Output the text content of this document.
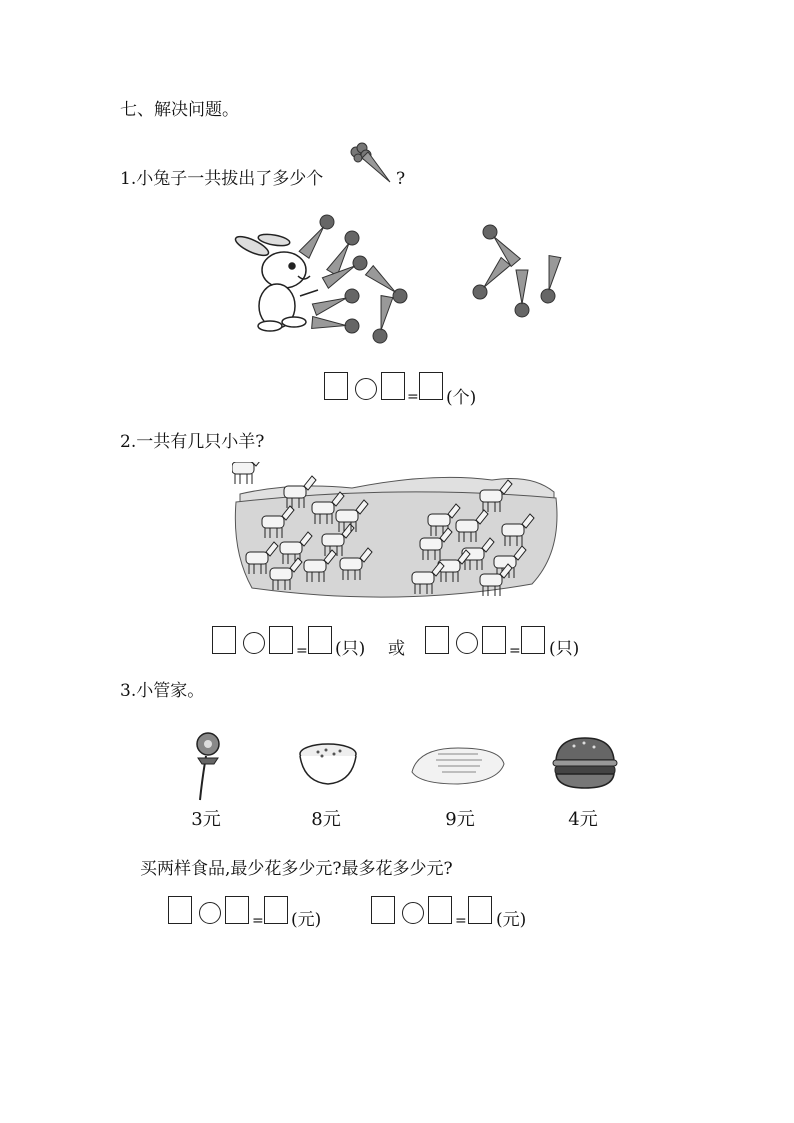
七、解决问题。
1.小兔子一共拔出了多少个	?
= (个)
2.一共有几只小羊?
= (只) 或	= (只)
3.小管家。
3元	8元	9元	4元
买两样食品,最少花多少元?最多花多少元?
= (元)	= (元)
